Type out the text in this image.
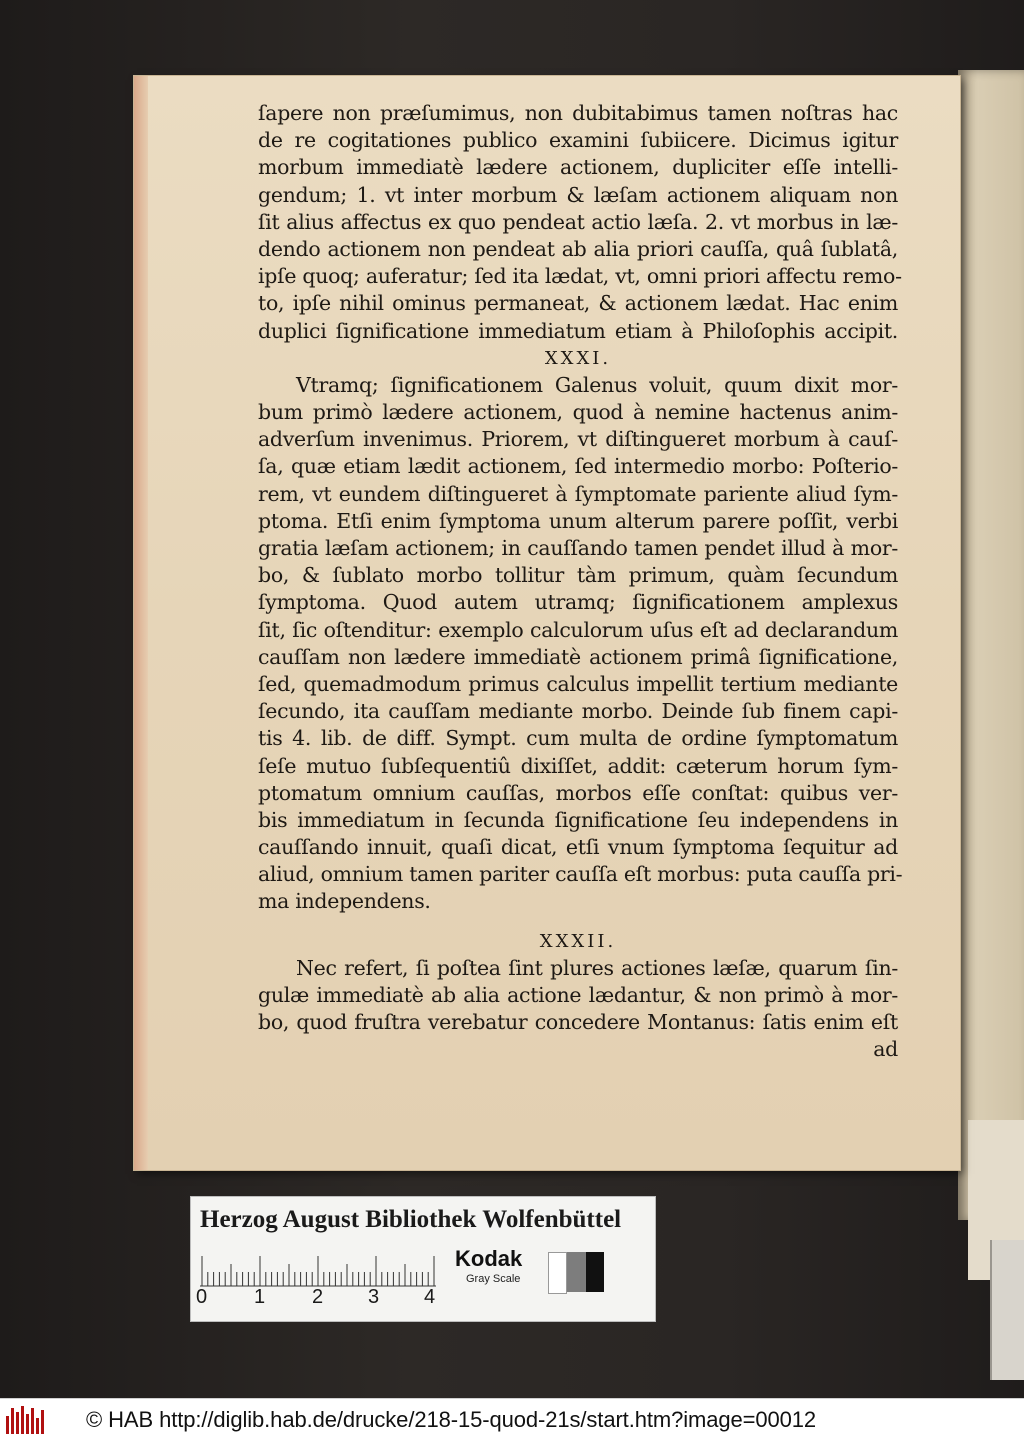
ſapere non præſumimus, non dubitabimus tamen noſtras hac
de re cogitationes publico examini ſubiicere. Dicimus igitur
morbum immediatè lædere actionem, dupliciter eſſe intelli-
gendum; 1. vt inter morbum & læſam actionem aliquam non
ſit alius affectus ex quo pendeat actio læſa. 2. vt morbus in læ-
dendo actionem non pendeat ab alia priori cauſſa, quâ ſublatâ,
ipſe quoq; auferatur; ſed ita lædat, vt, omni priori affectu remo-
to, ipſe nihil ominus permaneat, & actionem lædat. Hac enim
duplici ſignificatione immediatum etiam à Philoſophis accipit.
XXXI.
Vtramq; ſignificationem Galenus voluit, quum dixit mor-
bum primò lædere actionem, quod à nemine hactenus anim-
adverſum invenimus. Priorem, vt diſtingueret morbum à cauſ-
ſa, quæ etiam lædit actionem, ſed intermedio morbo: Poſterio-
rem, vt eundem diſtingueret à ſymptomate pariente aliud ſym-
ptoma. Etſi enim ſymptoma unum alterum parere poſſit, verbi
gratia læſam actionem; in cauſſando tamen pendet illud à mor-
bo, & ſublato morbo tollitur tàm primum, quàm ſecundum
ſymptoma. Quod autem utramq; ſignificationem amplexus
ſit, ſic oſtenditur: exemplo calculorum uſus eſt ad declarandum
cauſſam non lædere immediatè actionem primâ ſignificatione,
ſed, quemadmodum primus calculus impellit tertium mediante
ſecundo, ita cauſſam mediante morbo. Deinde ſub finem capi-
tis 4. lib. de diff. Sympt. cum multa de ordine ſymptomatum
ſeſe mutuo ſubſequentiû dixiſſet, addit: cæterum horum ſym-
ptomatum omnium cauſſas, morbos eſſe conſtat: quibus ver-
bis immediatum in ſecunda ſignificatione ſeu independens in
cauſſando innuit, quaſi dicat, etſi vnum ſymptoma ſequitur ad
aliud, omnium tamen pariter cauſſa eſt morbus: puta cauſſa pri-
ma independens.
XXXII.
Nec refert, ſi poſtea ſint plures actiones læſæ, quarum ſin-
gulæ immediatè ab alia actione lædantur, & non primò à mor-
bo, quod fruſtra verebatur concedere Montanus: ſatis enim eſt
ad
Herzog August Bibliothek Wolfenbüttel
0 1 2 3 4
Kodak
Gray Scale
© HAB http://diglib.hab.de/drucke/218-15-quod-21s/start.htm?image=00012
